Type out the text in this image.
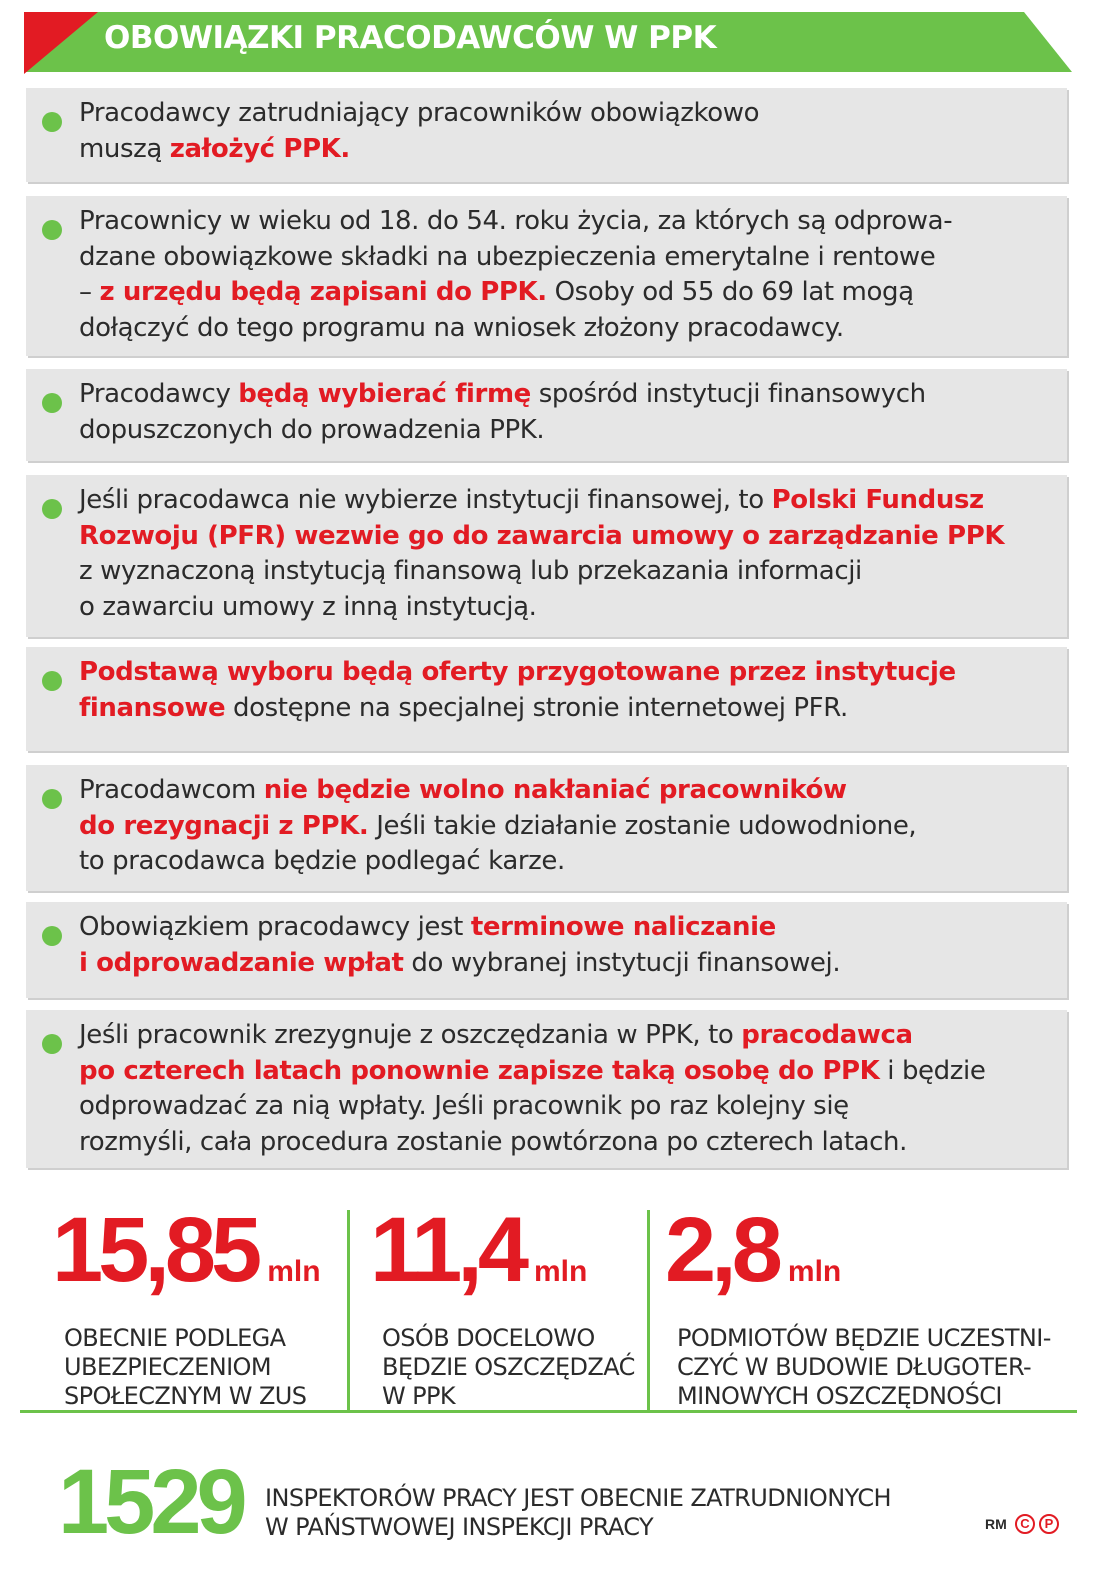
OBOWIĄZKI PRACODAWCÓW W PPK
Pracodawcy zatrudniający pracowników obowiązkowo
muszą założyć PPK.
Pracownicy w wieku od 18. do 54. roku życia, za których są odprowa-
dzane obowiązkowe składki na ubezpieczenia emerytalne i rentowe
– z urzędu będą zapisani do PPK. Osoby od 55 do 69 lat mogą
dołączyć do tego programu na wniosek złożony pracodawcy.
Pracodawcy będą wybierać firmę spośród instytucji finansowych
dopuszczonych do prowadzenia PPK.
Jeśli pracodawca nie wybierze instytucji finansowej, to Polski Fundusz
Rozwoju (PFR) wezwie go do zawarcia umowy o zarządzanie PPK
z wyznaczoną instytucją finansową lub przekazania informacji
o zawarciu umowy z inną instytucją.
Podstawą wyboru będą oferty przygotowane przez instytucje
finansowe dostępne na specjalnej stronie internetowej PFR.
Pracodawcom nie będzie wolno nakłaniać pracowników
do rezygnacji z PPK. Jeśli takie działanie zostanie udowodnione,
to pracodawca będzie podlegać karze.
Obowiązkiem pracodawcy jest terminowe naliczanie
i odprowadzanie wpłat do wybranej instytucji finansowej.
Jeśli pracownik zrezygnuje z oszczędzania w PPK, to pracodawca
po czterech latach ponownie zapisze taką osobę do PPK i będzie
odprowadzać za nią wpłaty. Jeśli pracownik po raz kolejny się
rozmyśli, cała procedura zostanie powtórzona po czterech latach.
15,85 mln
OBECNIE PODLEGA
UBEZPIECZENIOM
SPOŁECZNYM W ZUS
11,4 mln
OSÓB DOCELOWO
BĘDZIE OSZCZĘDZAĆ
W PPK
2,8 mln
PODMIOTÓW BĘDZIE UCZESTNI-
CZYĆ W BUDOWIE DŁUGOTER-
MINOWYCH OSZCZĘDNOŚCI
1529 INSPEKTORÓW PRACY JEST OBECNIE ZATRUDNIONYCH
W PAŃSTWOWEJ INSPEKCJI PRACY	RM	C	P
